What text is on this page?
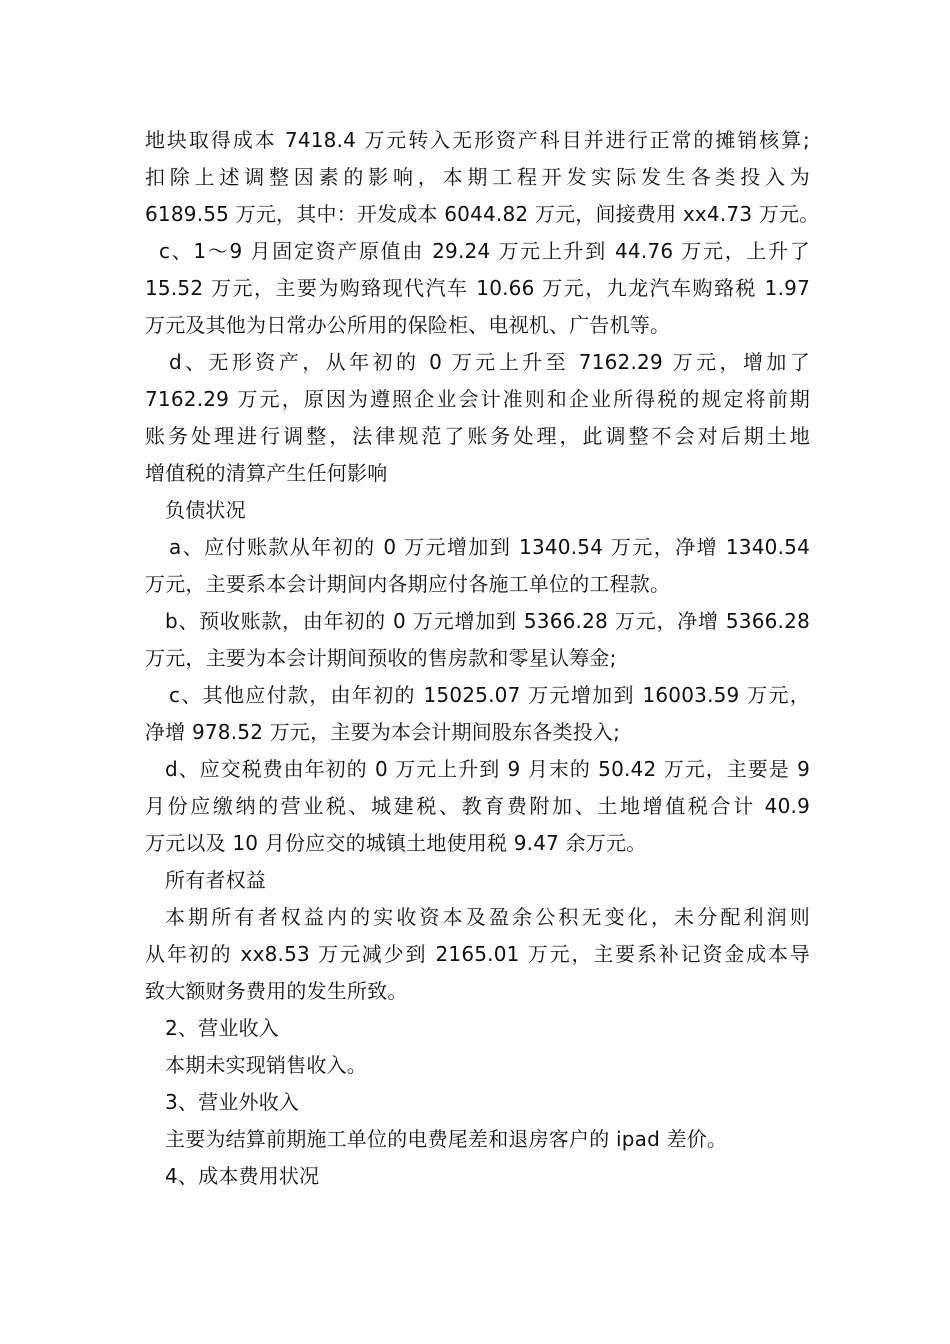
地块取得成本 7418.4 万元转入无形资产科目并进行正常的摊销核算;
扣除上述调整因素的影响，本期工程开发实际发生各类投入为
6189.55 万元，其中：开发成本 6044.82 万元，间接费用 xx4.73 万元。
c、1～9 月固定资产原值由 29.24 万元上升到 44.76 万元，上升了
15.52 万元，主要为购臵现代汽车 10.66 万元，九龙汽车购臵税 1.97
万元及其他为日常办公所用的保险柜、电视机、广告机等。
d、无形资产，从年初的 0 万元上升至 7162.29 万元，增加了
7162.29 万元，原因为遵照企业会计准则和企业所得税的规定将前期
账务处理进行调整，法律规范了账务处理，此调整不会对后期土地
增值税的清算产生任何影响
负债状况
a、应付账款从年初的 0 万元增加到 1340.54 万元，净增 1340.54
万元，主要系本会计期间内各期应付各施工单位的工程款。
b、预收账款，由年初的 0 万元增加到 5366.28 万元，净增 5366.28
万元，主要为本会计期间预收的售房款和零星认筹金;
c、其他应付款，由年初的 15025.07 万元增加到 16003.59 万元，
净增 978.52 万元，主要为本会计期间股东各类投入;
d、应交税费由年初的 0 万元上升到 9 月末的 50.42 万元，主要是 9
月份应缴纳的营业税、城建税、教育费附加、土地增值税合计 40.9
万元以及 10 月份应交的城镇土地使用税 9.47 余万元。
所有者权益
本期所有者权益内的实收资本及盈余公积无变化，未分配利润则
从年初的 xx8.53 万元减少到 2165.01 万元，主要系补记资金成本导
致大额财务费用的发生所致。
2、营业收入
本期未实现销售收入。
3、营业外收入
主要为结算前期施工单位的电费尾差和退房客户的 ipad 差价。
4、成本费用状况
